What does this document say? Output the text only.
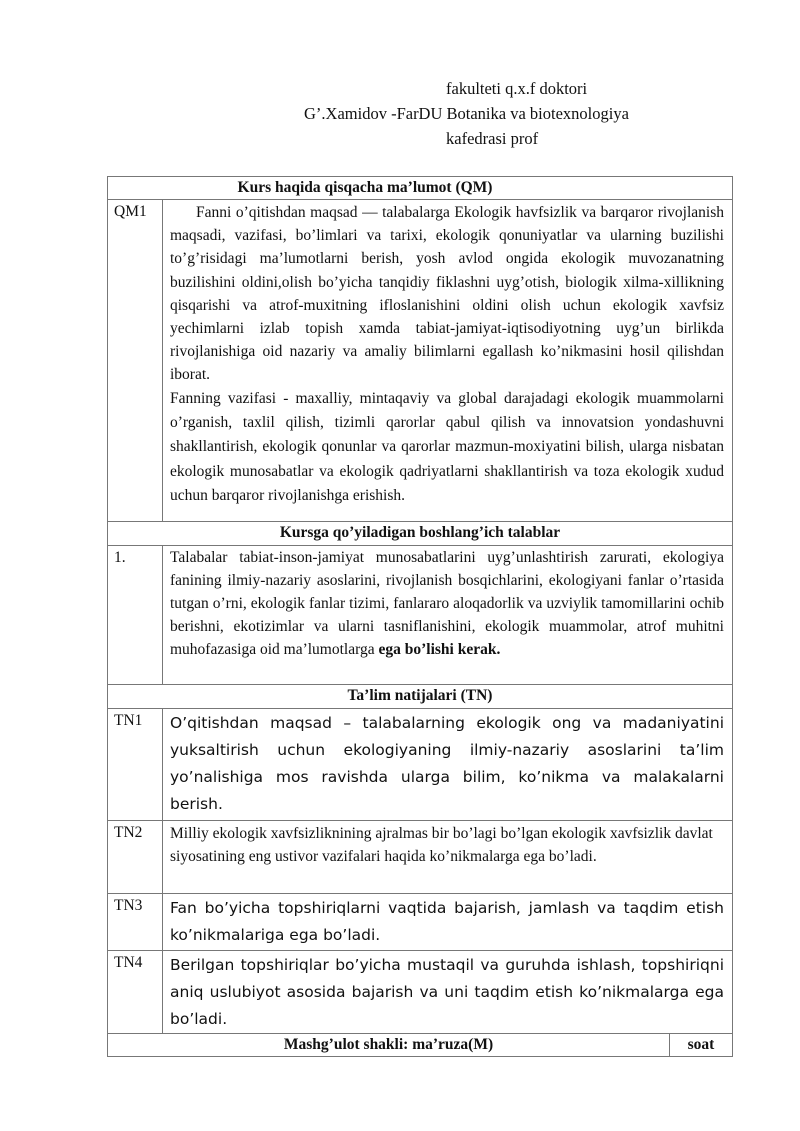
fakulteti q.x.f doktori
G’.Xamidov -FarDU Botanika va biotexnologiya
kafedrasi prof
Kurs haqida qisqacha ma’lumot (QM)
QM1	Fanni o’qitishdan maqsad — talabalarga Ekologik havfsizlik va barqaror rivojlanish maqsadi, vazifasi, bo’limlari va tarixi, ekologik qonuniyatlar va ularning buzilishi to’g’risidagi ma’lumotlarni berish, yosh avlod ongida ekologik muvozanatning buzilishini oldini,olish bo’yicha tanqidiy fiklashni uyg’otish, biologik xilma-xillikning qisqarishi va atrof-muxitning ifloslanishini oldini olish uchun ekologik xavfsiz yechimlarni izlab topish xamda tabiat-jamiyat-iqtisodiyotning uyg’un birlikda rivojlanishiga oid nazariy va amaliy bilimlarni egallash ko’nikmasini hosil qilishdan iborat.

Fanning vazifasi - maxalliy, mintaqaviy va global darajadagi ekologik muammolarni o’rganish, taxlil qilish, tizimli qarorlar qabul qilish va innovatsion yondashuvni shakllantirish, ekologik qonunlar va qarorlar mazmun-moxiyatini bilish, ularga nisbatan ekologik munosabatlar va ekologik qadriyatlarni shakllantirish va toza ekologik xudud uchun barqaror rivojlanishga erishish.

Kursga qo’yiladigan boshlang’ich talablar
1.	Talabalar tabiat-inson-jamiyat munosabatlarini uyg’unlashtirish zarurati, ekologiya fanining ilmiy-nazariy asoslarini, rivojlanish bosqichlarini, ekologiyani fanlar o’rtasida tutgan o’rni, ekologik fanlar tizimi, fanlararo aloqadorlik va uzviylik tamomillarini ochib berishni, ekotizimlar va ularni tasniflanishini, ekologik muammolar, atrof muhitni muhofazasiga oid ma’lumotlarga ega bo’lishi kerak.

Ta’lim natijalari (TN)
TN1	O’qitishdan maqsad – talabalarning ekologik ong va madaniyatini yuksaltirish uchun ekologiyaning ilmiy-nazariy asoslarini ta’lim yo’nalishiga mos ravishda ularga bilim, ko’nikma va malakalarni berish.

TN2	Milliy ekologik xavfsizliknining ajralmas bir bo’lagi bo’lgan ekologik xavfsizlik davlat siyosatining eng ustivor vazifalari haqida ko’nikmalarga ega bo’ladi.

TN3	Fan bo’yicha topshiriqlarni vaqtida bajarish, jamlash va taqdim etish ko’nikmalariga ega bo’ladi.

TN4	Berilgan topshiriqlar bo’yicha mustaqil va guruhda ishlash, topshiriqni aniq uslubiyot asosida bajarish va uni taqdim etish ko’nikmalarga ega bo’ladi.

Mashg’ulot shakli: ma’ruza(M)	soat
